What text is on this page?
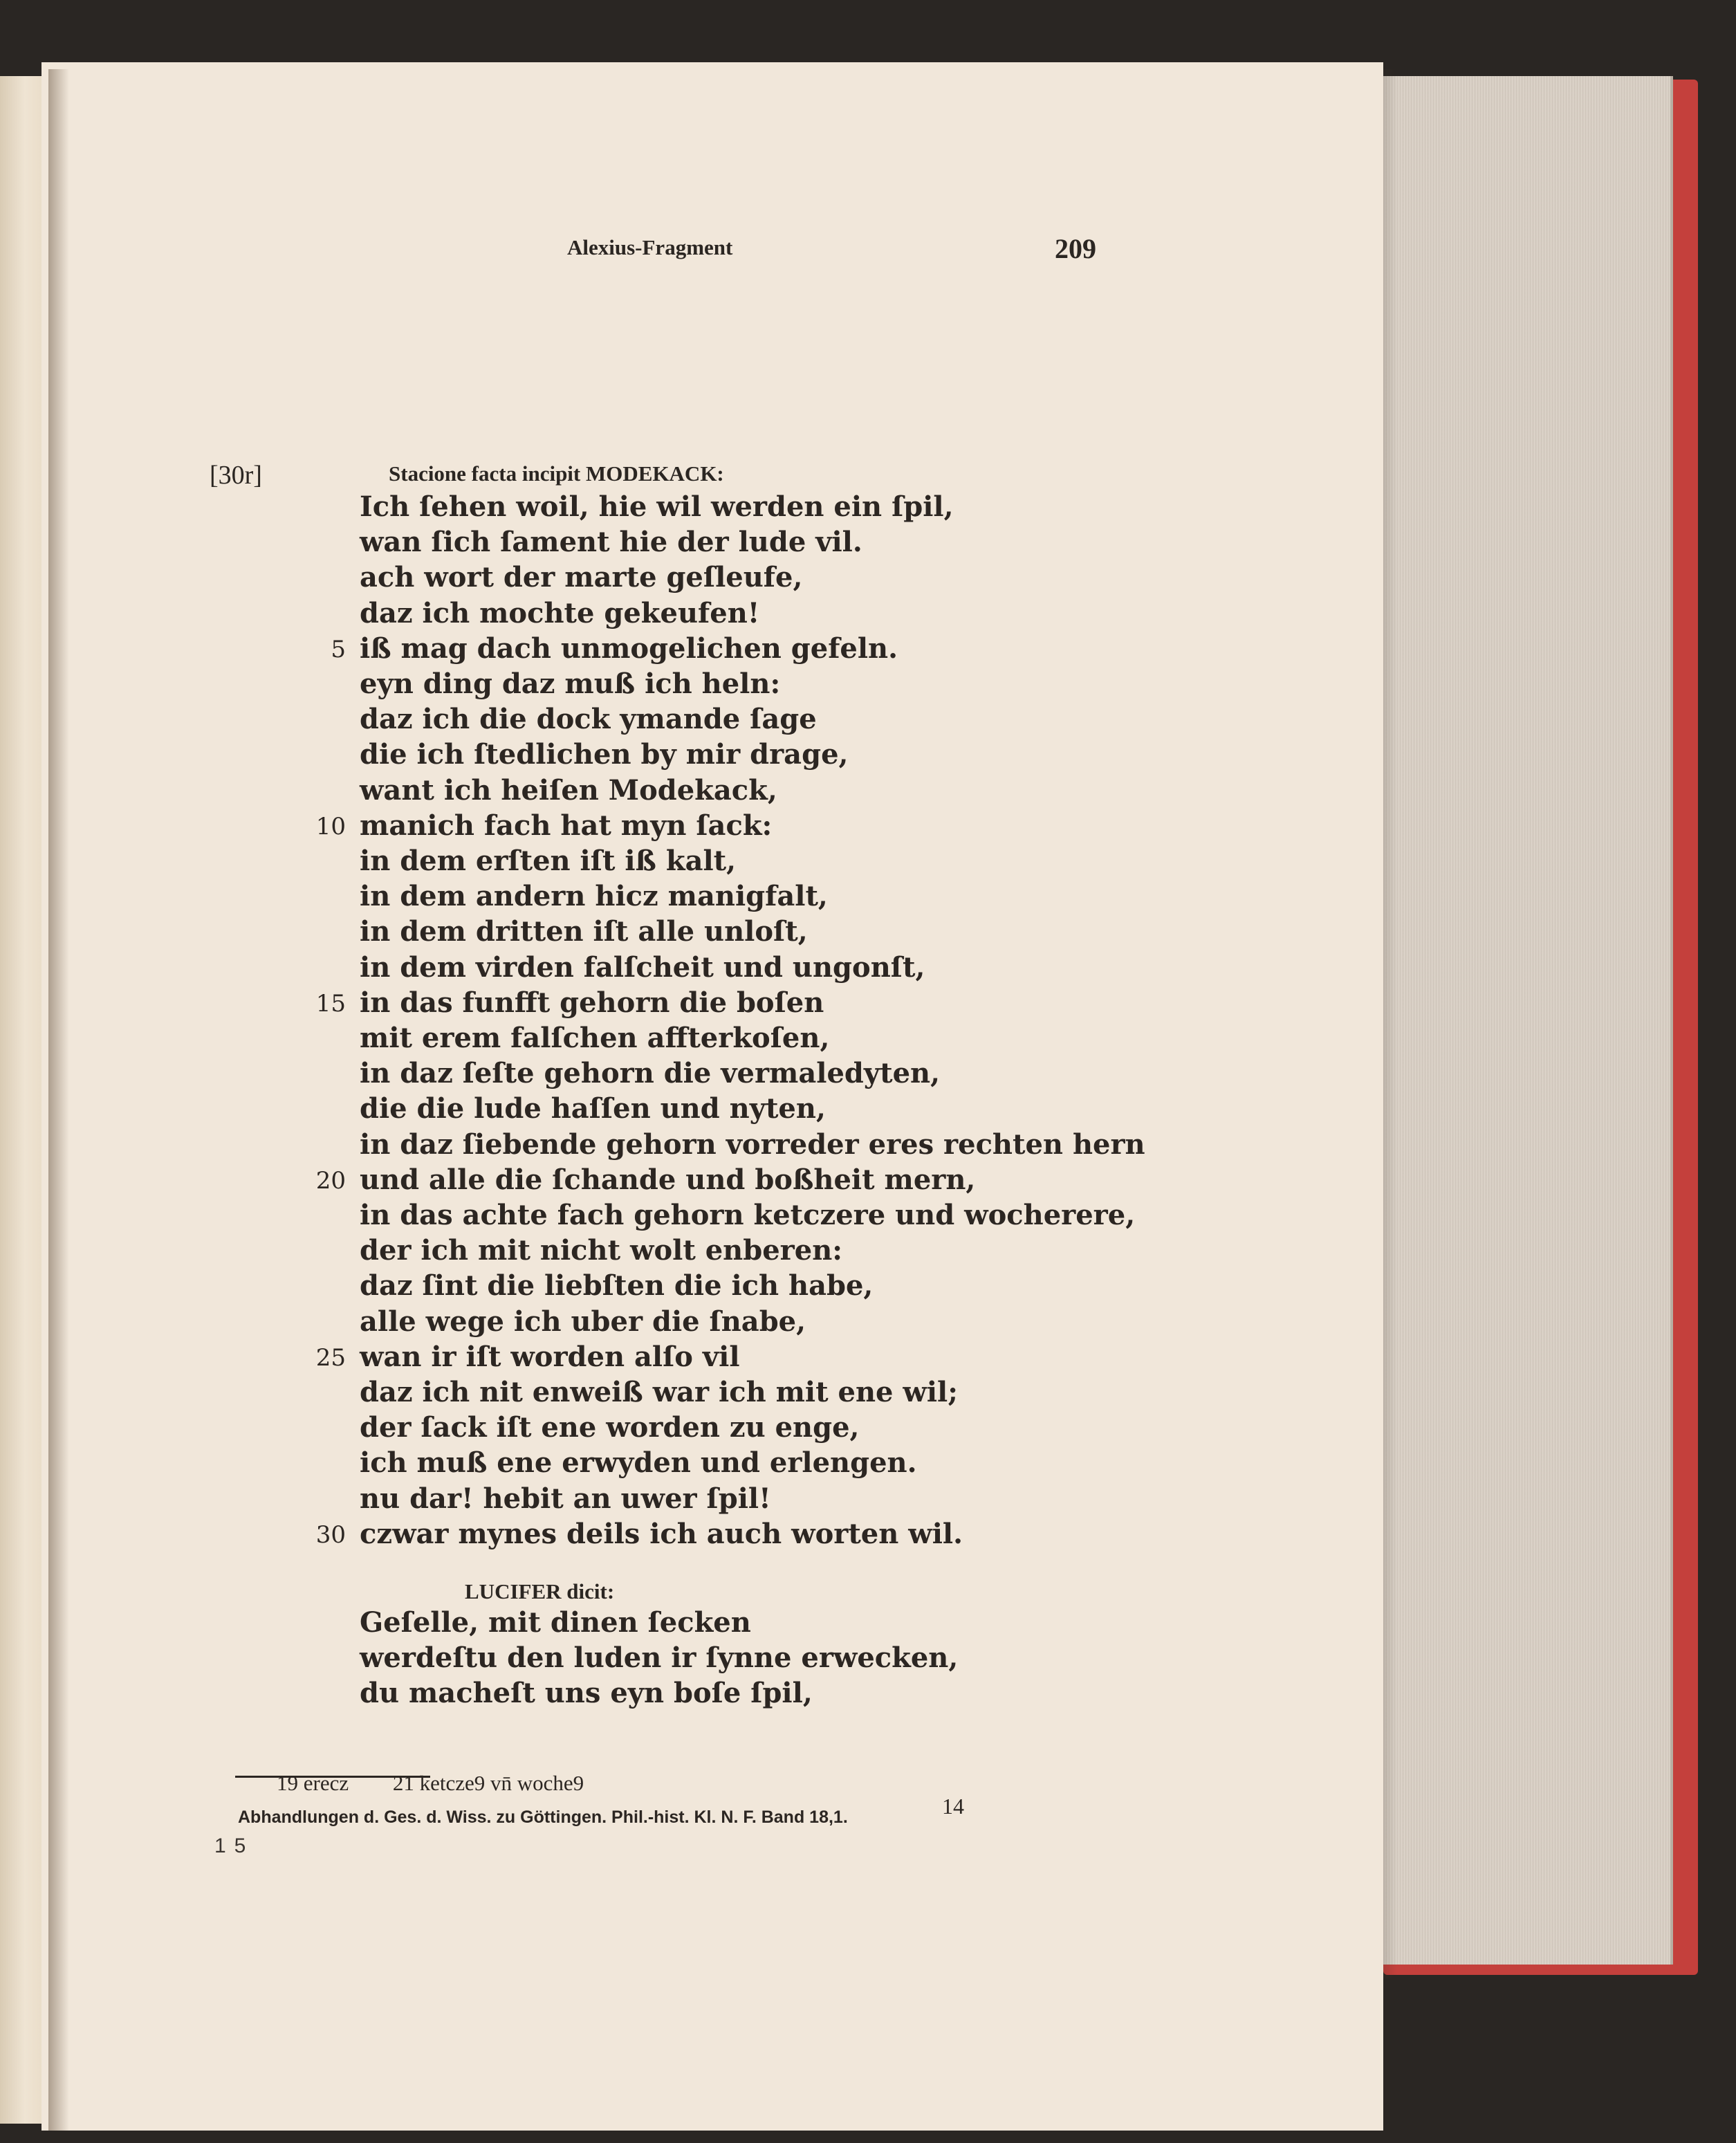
Alexius-Fragment	209
[30r]	Stacione facta incipit MODEKACK:
Ich ſehen woil, hie wil werden ein ſpil,
wan ſich ſament hie der lude vil.
ach wort der marte geſleufe,
daz ich mochte gekeufen!
iß mag dach unmogelichen gefeln.
5
eyn ding daz muß ich heln:
daz ich die dock ymande ſage
die ich ſtedlichen by mir drage,
want ich heiſen Modekack,
manich fach hat myn ſack:
10
in dem erſten iſt iß kalt,
in dem andern hicz manigfalt,
in dem dritten iſt alle unloſt,
in dem virden falſcheit und ungonſt,
in das funfft gehorn die boſen
15
mit erem falſchen affterkoſen,
in daz ſeſte gehorn die vermaledyten,
die die lude haſſen und nyten,
in daz ſiebende gehorn vorreder eres rechten hern
und alle die ſchande und boßheit mern,
20
in das achte fach gehorn ketczere und wocherere,
der ich mit nicht wolt enberen:
daz ſint die liebſten die ich habe,
alle wege ich uber die ſnabe,
wan ir iſt worden alſo vil
25
daz ich nit enweiß war ich mit ene wil;
der ſack iſt ene worden zu enge,
ich muß ene erwyden und erlengen.
nu dar! hebit an uwer ſpil!
czwar mynes deils ich auch worten wil.
30
LUCIFER dicit:
Geſelle, mit dinen ſecken
werdeſtu den luden ir ſynne erwecken,
du macheſt uns eyn boſe ſpil,
19 erecz 21 ketcze9 vn̄ woche9
Abhandlungen d. Ges. d. Wiss. zu Göttingen. Phil.-hist. Kl. N. F. Band 18,1.	14
15
